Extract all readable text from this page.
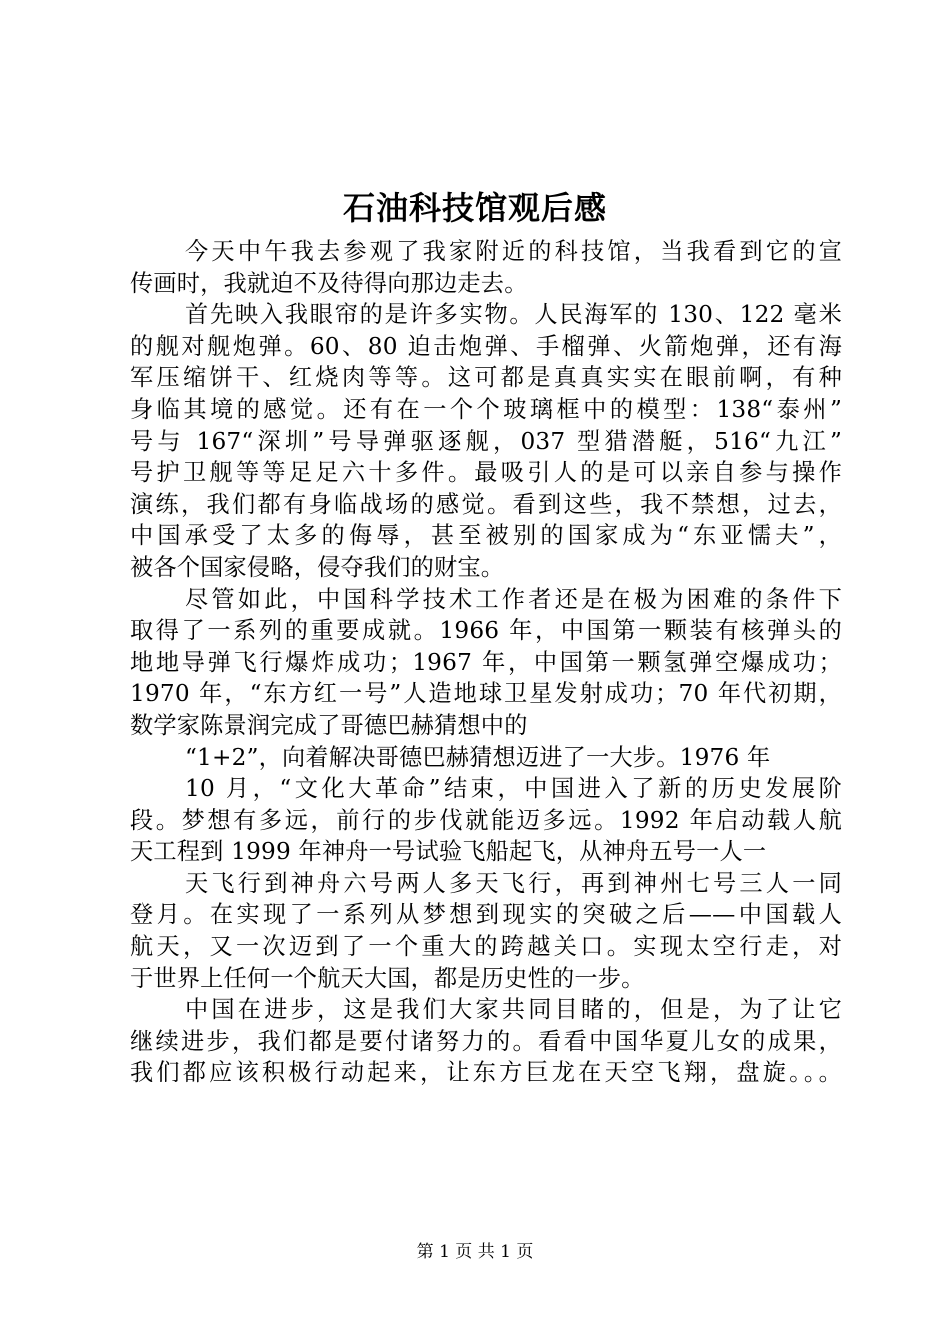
石油科技馆观后感
今天中午我去参观了我家附近的科技馆，当我看到它的宣
传画时，我就迫不及待得向那边走去。
首先映入我眼帘的是许多实物。人民海军的 130、122 毫米
的舰对舰炮弹。60、80 迫击炮弹、手榴弹、火箭炮弹，还有海
军压缩饼干、红烧肉等等。这可都是真真实实在眼前啊，有种
身临其境的感觉。还有在一个个玻璃框中的模型：138“泰州”
号与 167“深圳”号导弹驱逐舰，037 型猎潜艇，516“九江”
号护卫舰等等足足六十多件。最吸引人的是可以亲自参与操作
演练，我们都有身临战场的感觉。看到这些，我不禁想，过去，
中国承受了太多的侮辱，甚至被别的国家成为“东亚懦夫”，
被各个国家侵略，侵夺我们的财宝。
尽管如此，中国科学技术工作者还是在极为困难的条件下
取得了一系列的重要成就。1966 年，中国第一颗装有核弹头的
地地导弹飞行爆炸成功；1967 年，中国第一颗氢弹空爆成功；
1970 年，“东方红一号”人造地球卫星发射成功；70 年代初期，
数学家陈景润完成了哥德巴赫猜想中的
“1+2”，向着解决哥德巴赫猜想迈进了一大步。1976 年
10 月，“文化大革命”结束，中国进入了新的历史发展阶
段。梦想有多远，前行的步伐就能迈多远。1992 年启动载人航
天工程到 1999 年神舟一号试验飞船起飞，从神舟五号一人一
天飞行到神舟六号两人多天飞行，再到神州七号三人一同
登月。在实现了一系列从梦想到现实的突破之后——中国载人
航天，又一次迈到了一个重大的跨越关口。实现太空行走，对
于世界上任何一个航天大国，都是历史性的一步。
中国在进步，这是我们大家共同目睹的，但是，为了让它
继续进步，我们都是要付诸努力的。看看中国华夏儿女的成果，
我们都应该积极行动起来，让东方巨龙在天空飞翔，盘旋。。。
第 1 页 共 1 页
